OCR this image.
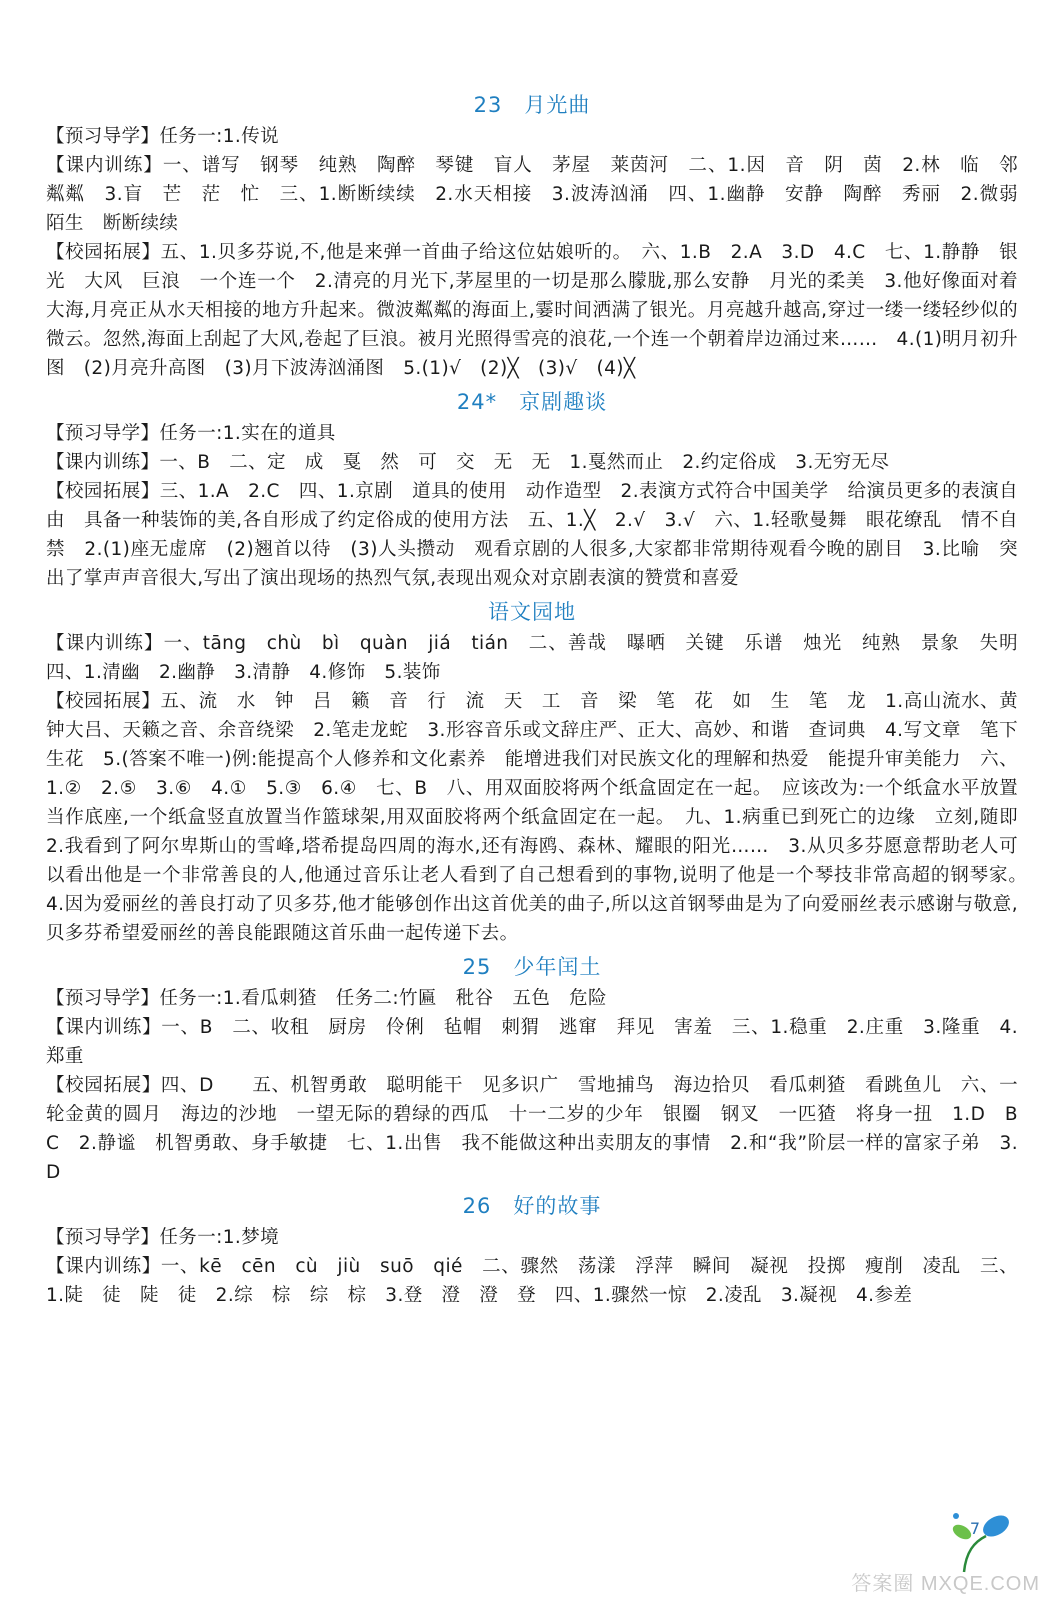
23 月光曲

【预习导学】任务一:1.传说

【课内训练】一、谱写　钢琴　纯熟　陶醉　琴键　盲人　茅屋　莱茵河　二、1.因　音　阴　茵　2.林　临　邻　粼粼　3.盲　芒　茫　忙　三、1.断断续续　2.水天相接　3.波涛汹涌　四、1.幽静　安静　陶醉　秀丽　2.微弱　陌生　断断续续

【校园拓展】五、1.贝多芬说,不,他是来弹一首曲子给这位姑娘听的。　六、1.B　2.A　3.D　4.C　七、1.静静　银光　大风　巨浪　一个连一个　2.清亮的月光下,茅屋里的一切是那么朦胧,那么安静　月光的柔美　3.他好像面对着大海,月亮正从水天相接的地方升起来。微波粼粼的海面上,霎时间洒满了银光。月亮越升越高,穿过一缕一缕轻纱似的微云。忽然,海面上刮起了大风,卷起了巨浪。被月光照得雪亮的浪花,一个连一个朝着岸边涌过来……　4.(1)明月初升图　(2)月亮升高图　(3)月下波涛汹涌图　5.(1)√　(2)╳　(3)√　(4)╳

24* 京剧趣谈

【预习导学】任务一:1.实在的道具

【课内训练】一、B　二、定　成　戛　然　可　交　无　无　1.戛然而止　2.约定俗成　3.无穷无尽

【校园拓展】三、1.A　2.C　四、1.京剧　道具的使用　动作造型　2.表演方式符合中国美学　给演员更多的表演自由　具备一种装饰的美,各自形成了约定俗成的使用方法　五、1.╳　2.√　3.√　六、1.轻歌曼舞　眼花缭乱　情不自禁　2.(1)座无虚席　(2)翘首以待　(3)人头攒动　观看京剧的人很多,大家都非常期待观看今晚的剧目　3.比喻　突出了掌声声音很大,写出了演出现场的热烈气氛,表现出观众对京剧表演的赞赏和喜爱

语文园地

【课内训练】一、tāng　chù　bì　quàn　jiá　tián　二、善哉　曝晒　关键　乐谱　烛光　纯熟　景象　失明　四、1.清幽　2.幽静　3.清静　4.修饰　5.装饰

【校园拓展】五、流　水　钟　吕　籁　音　行　流　天　工　音　梁　笔　花　如　生　笔　龙　1.高山流水、黄钟大吕、天籁之音、余音绕梁　2.笔走龙蛇　3.形容音乐或文辞庄严、正大、高妙、和谐　查词典　4.写文章　笔下生花　5.(答案不唯一)例:能提高个人修养和文化素养　能增进我们对民族文化的理解和热爱　能提升审美能力　六、1.②　2.⑤　3.⑥　4.①　5.③　6.④　七、B　八、用双面胶将两个纸盒固定在一起。　应该改为:一个纸盒水平放置当作底座,一个纸盒竖直放置当作篮球架,用双面胶将两个纸盒固定在一起。　九、1.病重已到死亡的边缘　立刻,随即　2.我看到了阿尔卑斯山的雪峰,塔希提岛四周的海水,还有海鸥、森林、耀眼的阳光……　3.从贝多芬愿意帮助老人可以看出他是一个非常善良的人,他通过音乐让老人看到了自己想看到的事物,说明了他是一个琴技非常高超的钢琴家。　4.因为爱丽丝的善良打动了贝多芬,他才能够创作出这首优美的曲子,所以这首钢琴曲是为了向爱丽丝表示感谢与敬意,贝多芬希望爱丽丝的善良能跟随这首乐曲一起传递下去。

25 少年闰土

【预习导学】任务一:1.看瓜刺猹　任务二:竹匾　秕谷　五色　危险

【课内训练】一、B　二、收租　厨房　伶俐　毡帽　刺猬　逃窜　拜见　害羞　三、1.稳重　2.庄重　3.隆重　4.郑重

【校园拓展】四、D　　五、机智勇敢　聪明能干　见多识广　雪地捕鸟　海边拾贝　看瓜刺猹　看跳鱼儿　六、一轮金黄的圆月　海边的沙地　一望无际的碧绿的西瓜　十一二岁的少年　银圈　钢叉　一匹猹　将身一扭　1.D　B　C　2.静谧　机智勇敢、身手敏捷　七、1.出售　我不能做这种出卖朋友的事情　2.和“我”阶层一样的富家子弟　3.D

26 好的故事

【预习导学】任务一:1.梦境

【课内训练】一、kē　cēn　cù　jiù　suō　qié　二、骤然　荡漾　浮萍　瞬间　凝视　投掷　瘦削　凌乱　三、1.陡　徒　陡　徒　2.综　棕　综　棕　3.登　澄　澄　登　四、1.骤然一惊　2.凌乱　3.凝视　4.参差

7
答案圈 MXQE.COM
